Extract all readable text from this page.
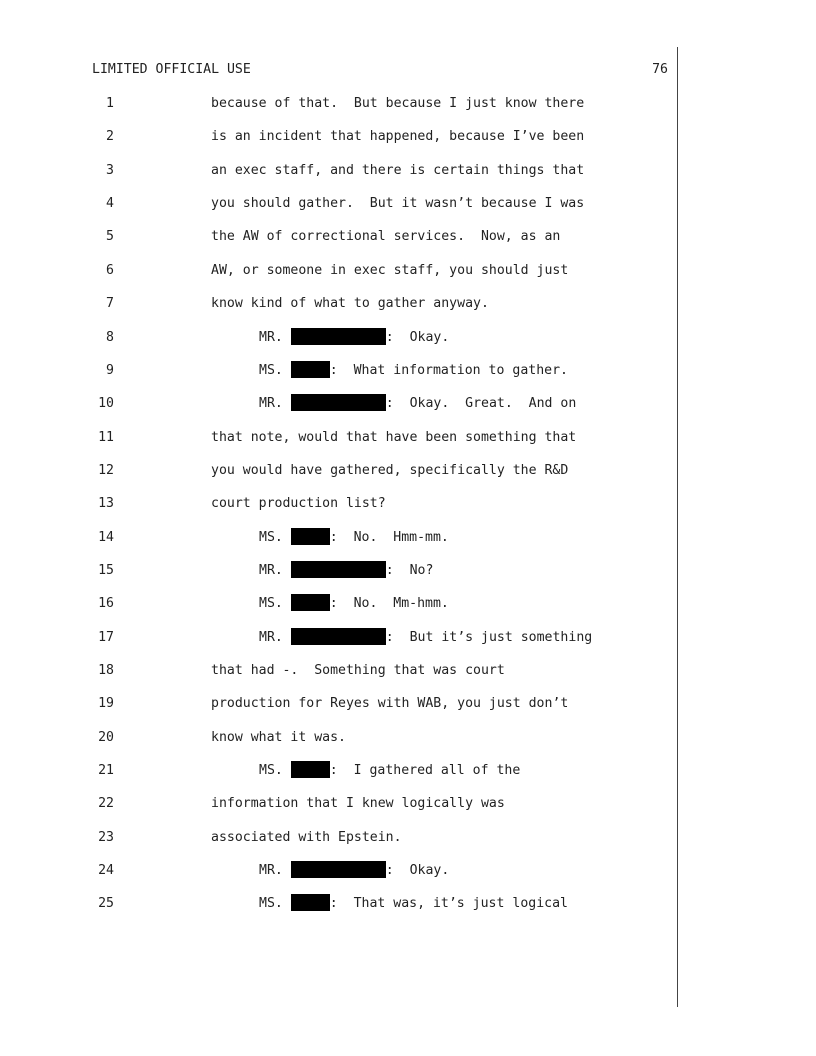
LIMITED OFFICIAL USE	76
1	because of that.  But because I just know there
2	is an incident that happened, because I’ve been
3	an exec staff, and there is certain things that
4	you should gather.  But it wasn’t because I was
5	the AW of correctional services.  Now, as an
6	AW, or someone in exec staff, you should just
7	know kind of what to gather anyway.
8	MR.	:  Okay.
9	MS.	:  What information to gather.
10	MR.	:  Okay.  Great.  And on
11	that note, would that have been something that
12	you would have gathered, specifically the R&D
13	court production list?
14	MS.	:  No.  Hmm-mm.
15	MR.	:  No?
16	MS.	:  No.  Mm-hmm.
17	MR.	:  But it’s just something
18	that had -.  Something that was court
19	production for Reyes with WAB, you just don’t
20	know what it was.
21	MS.	:  I gathered all of the
22	information that I knew logically was
23	associated with Epstein.
24	MR.	:  Okay.
25	MS.	:  That was, it’s just logical
